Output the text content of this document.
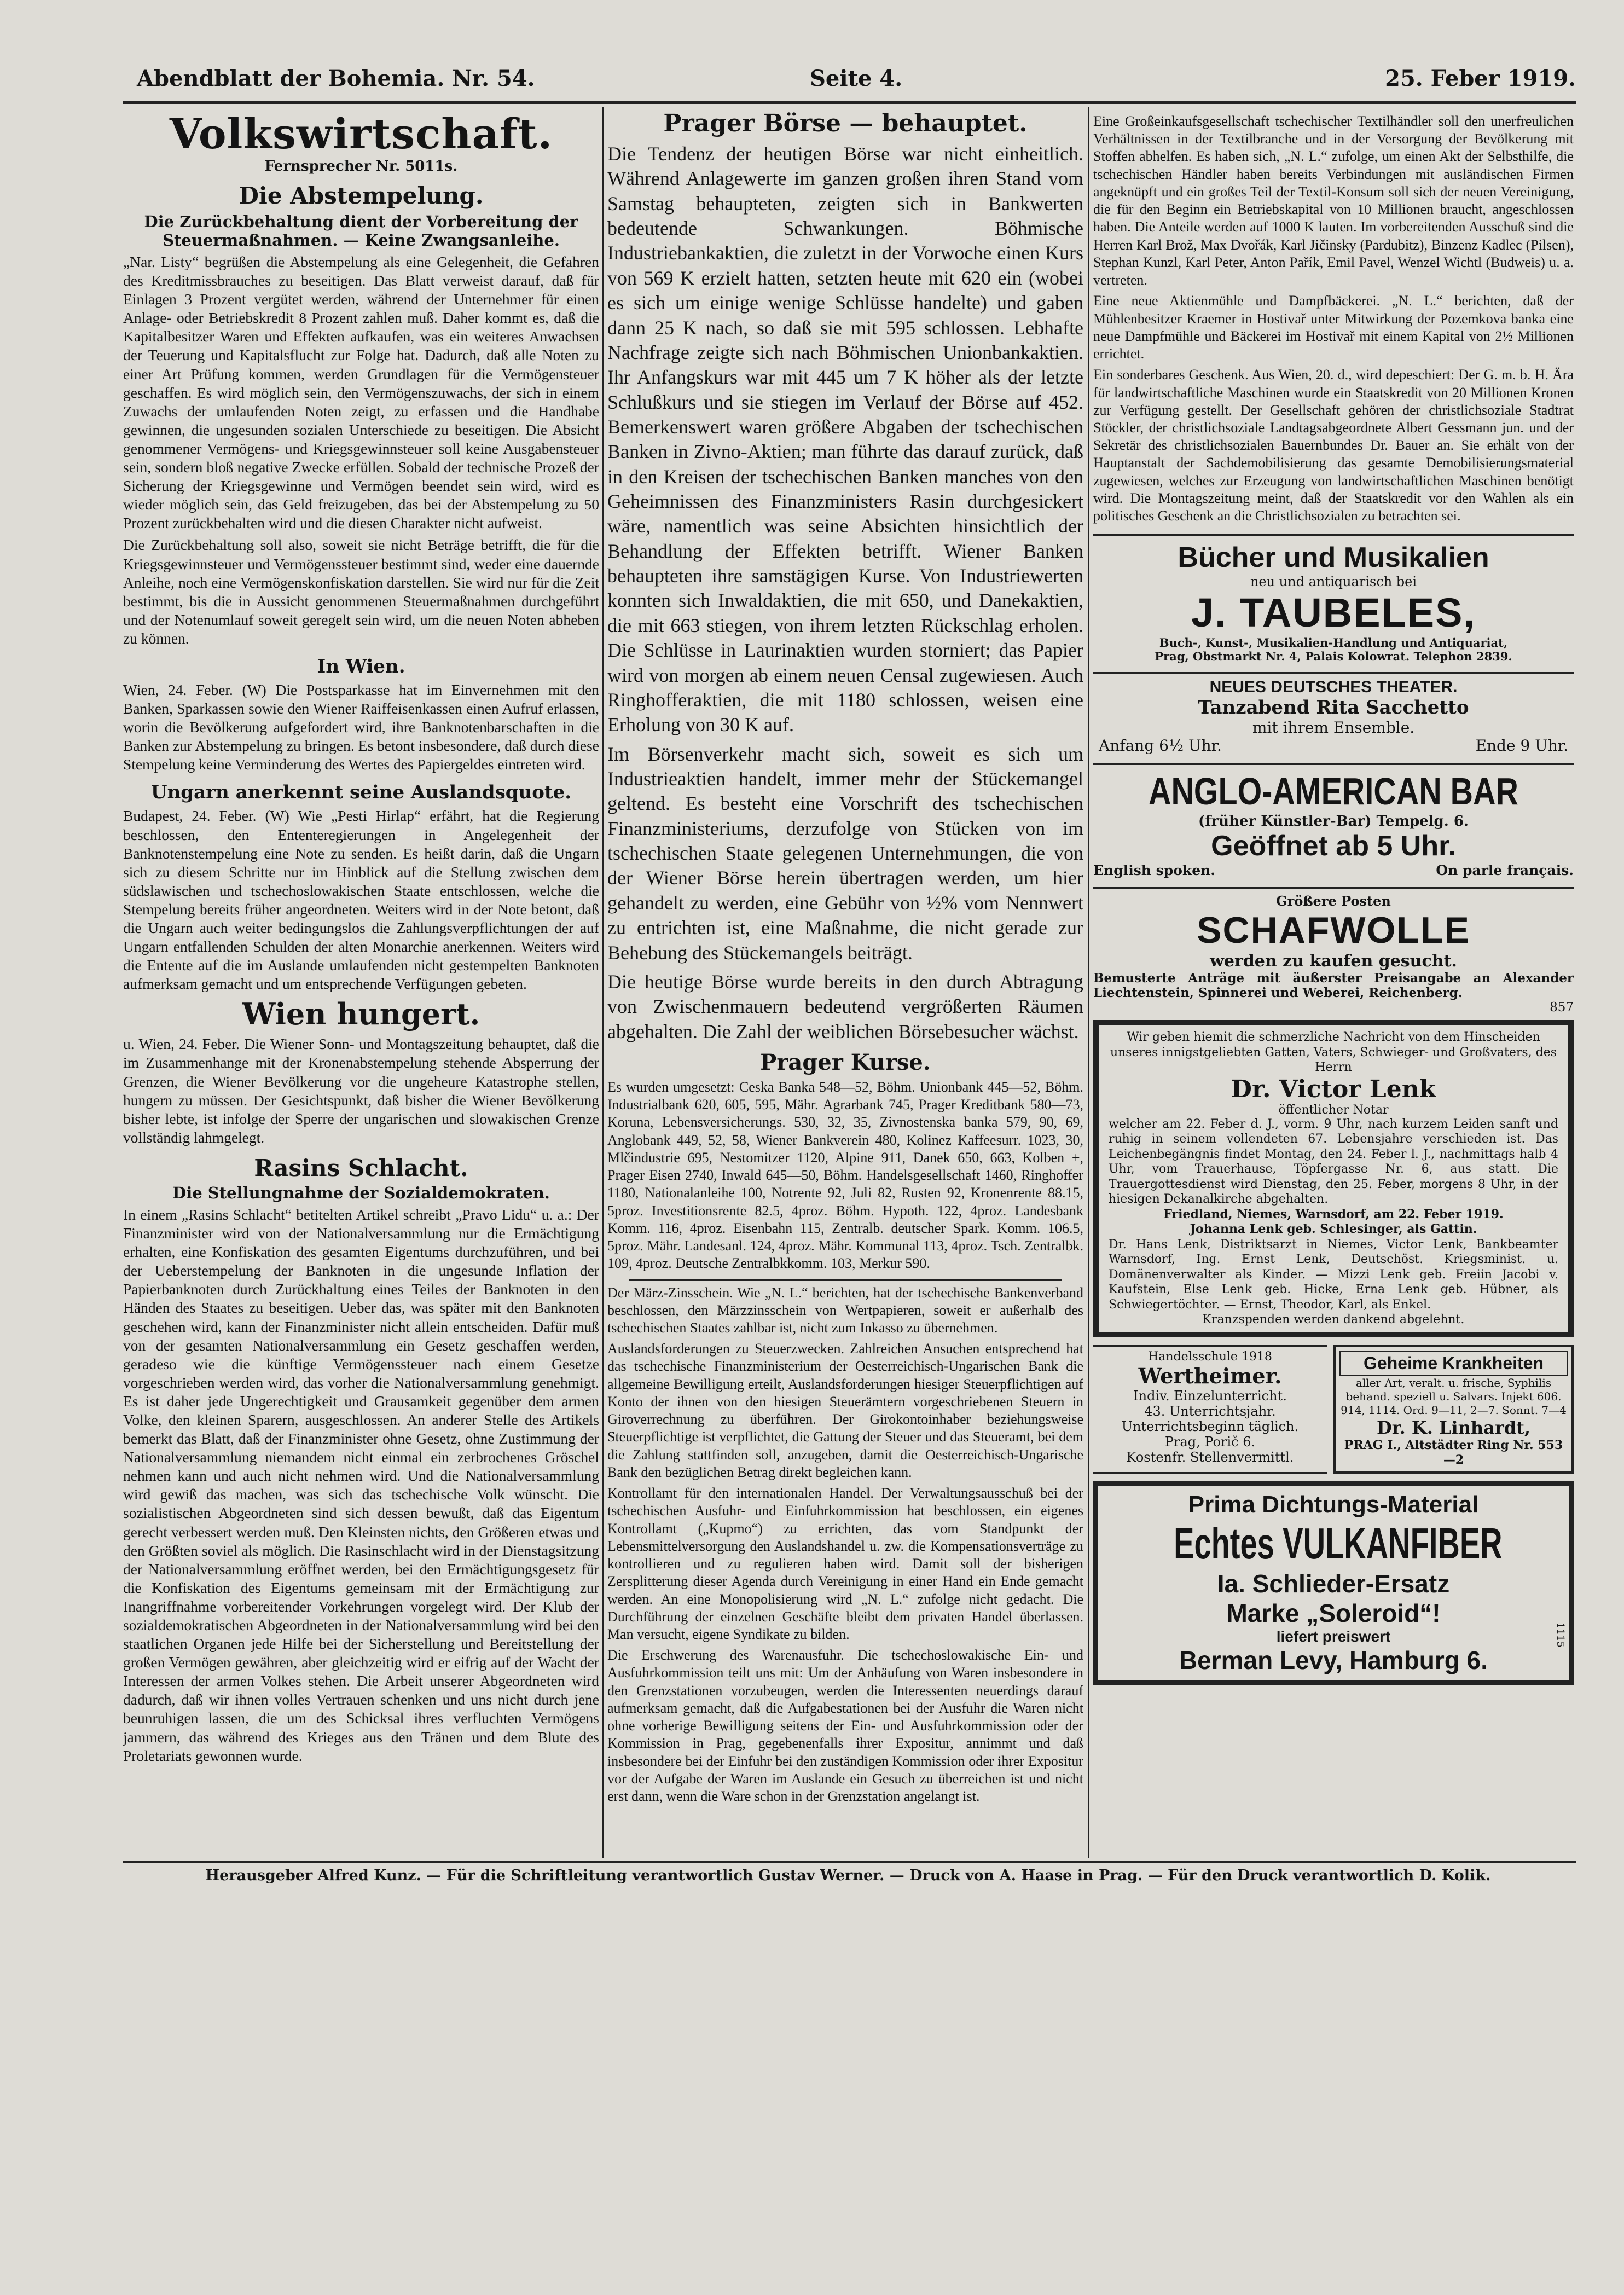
Abendblatt der Bohemia. Nr. 54.	Seite 4.	25. Feber 1919.

Volkswirtschaft.

Fernsprecher Nr. 5011s.

Die Abstempelung.

Die Zurückbehaltung dient der Vorbereitung der Steuermaßnahmen. — Keine Zwangsanleihe.

„Nar. Listy“ begrüßen die Abstempelung als eine Gelegenheit, die Gefahren des Kreditmissbrauches zu beseitigen. Das Blatt verweist darauf, daß für Einlagen 3 Prozent vergütet werden, während der Unternehmer für einen Anlage- oder Betriebskredit 8 Prozent zahlen muß. Daher kommt es, daß die Kapitalbesitzer Waren und Effekten aufkaufen, was ein weiteres Anwachsen der Teuerung und Kapitalsflucht zur Folge hat. Dadurch, daß alle Noten zu einer Art Prüfung kommen, werden Grundlagen für die Vermögensteuer geschaffen. Es wird möglich sein, den Vermögenszuwachs, der sich in einem Zuwachs der umlaufenden Noten zeigt, zu erfassen und die Handhabe gewinnen, die ungesunden sozialen Unterschiede zu beseitigen. Die Absicht genommener Vermögens- und Kriegsgewinnsteuer soll keine Ausgabensteuer sein, sondern bloß negative Zwecke erfüllen. Sobald der technische Prozeß der Sicherung der Kriegsgewinne und Vermögen beendet sein wird, wird es wieder möglich sein, das Geld freizugeben, das bei der Abstempelung zu 50 Prozent zurückbehalten wird und die diesen Charakter nicht aufweist.

Die Zurückbehaltung soll also, soweit sie nicht Beträge betrifft, die für die Kriegsgewinnsteuer und Vermögenssteuer bestimmt sind, weder eine dauernde Anleihe, noch eine Vermögenskonfiskation darstellen. Sie wird nur für die Zeit bestimmt, bis die in Aussicht genommenen Steuermaßnahmen durchgeführt und der Notenumlauf soweit geregelt sein wird, um die neuen Noten abheben zu können.

In Wien.

Wien, 24. Feber. (W) Die Postsparkasse hat im Einvernehmen mit den Banken, Sparkassen sowie den Wiener Raiffeisenkassen einen Aufruf erlassen, worin die Bevölkerung aufgefordert wird, ihre Banknotenbarschaften in die Banken zur Abstempelung zu bringen. Es betont insbesondere, daß durch diese Stempelung keine Verminderung des Wertes des Papiergeldes eintreten wird.

Ungarn anerkennt seine Auslandsquote.

Budapest, 24. Feber. (W) Wie „Pesti Hirlap“ erfährt, hat die Regierung beschlossen, den Ententeregierungen in Angelegenheit der Banknotenstempelung eine Note zu senden. Es heißt darin, daß die Ungarn sich zu diesem Schritte nur im Hinblick auf die Stellung zwischen dem südslawischen und tschechoslowakischen Staate entschlossen, welche die Stempelung bereits früher angeordneten. Weiters wird in der Note betont, daß die Ungarn auch weiter bedingungslos die Zahlungsverpflichtungen der auf Ungarn entfallenden Schulden der alten Monarchie anerkennen. Weiters wird die Entente auf die im Auslande umlaufenden nicht gestempelten Banknoten aufmerksam gemacht und um entsprechende Verfügungen gebeten.

Wien hungert.

u. Wien, 24. Feber. Die Wiener Sonn- und Montagszeitung behauptet, daß die im Zusammenhange mit der Kronenabstempelung stehende Absperrung der Grenzen, die Wiener Bevölkerung vor die ungeheure Katastrophe stellen, hungern zu müssen. Der Gesichtspunkt, daß bisher die Wiener Bevölkerung bisher lebte, ist infolge der Sperre der ungarischen und slowakischen Grenze vollständig lahmgelegt.

Rasins Schlacht.

Die Stellungnahme der Sozialdemokraten.

In einem „Rasins Schlacht“ betitelten Artikel schreibt „Pravo Lidu“ u. a.: Der Finanzminister wird von der Nationalversammlung nur die Ermächtigung erhalten, eine Konfiskation des gesamten Eigentums durchzuführen, und bei der Ueberstempelung der Banknoten in die ungesunde Inflation der Papierbanknoten durch Zurückhaltung eines Teiles der Banknoten in den Händen des Staates zu beseitigen. Ueber das, was später mit den Banknoten geschehen wird, kann der Finanzminister nicht allein entscheiden. Dafür muß von der gesamten Nationalversammlung ein Gesetz geschaffen werden, geradeso wie die künftige Vermögenssteuer nach einem Gesetze vorgeschrieben werden wird, das vorher die Nationalversammlung genehmigt. Es ist daher jede Ungerechtigkeit und Grausamkeit gegenüber dem armen Volke, den kleinen Sparern, ausgeschlossen. An anderer Stelle des Artikels bemerkt das Blatt, daß der Finanzminister ohne Gesetz, ohne Zustimmung der Nationalversammlung niemandem nicht einmal ein zerbrochenes Gröschel nehmen kann und auch nicht nehmen wird. Und die Nationalversammlung wird gewiß das machen, was sich das tschechische Volk wünscht. Die sozialistischen Abgeordneten sind sich dessen bewußt, daß das Eigentum gerecht verbessert werden muß. Den Kleinsten nichts, den Größeren etwas und den Größten soviel als möglich. Die Rasinschlacht wird in der Dienstagsitzung der Nationalversammlung eröffnet werden, bei den Ermächtigungsgesetz für die Konfiskation des Eigentums gemeinsam mit der Ermächtigung zur Inangriffnahme vorbereitender Vorkehrungen vorgelegt wird. Der Klub der sozialdemokratischen Abgeordneten in der Nationalversammlung wird bei den staatlichen Organen jede Hilfe bei der Sicherstellung und Bereitstellung der großen Vermögen gewähren, aber gleichzeitig wird er eifrig auf der Wacht der Interessen der armen Volkes stehen. Die Arbeit unserer Abgeordneten wird dadurch, daß wir ihnen volles Vertrauen schenken und uns nicht durch jene beunruhigen lassen, die um des Schicksal ihres verfluchten Vermögens jammern, das während des Krieges aus den Tränen und dem Blute des Proletariats gewonnen wurde.

Prager Börse — behauptet.

Die Tendenz der heutigen Börse war nicht einheitlich. Während Anlagewerte im ganzen großen ihren Stand vom Samstag behaupteten, zeigten sich in Bankwerten bedeutende Schwankungen. Böhmische Industriebankaktien, die zuletzt in der Vorwoche einen Kurs von 569 K erzielt hatten, setzten heute mit 620 ein (wobei es sich um einige wenige Schlüsse handelte) und gaben dann 25 K nach, so daß sie mit 595 schlossen. Lebhafte Nachfrage zeigte sich nach Böhmischen Unionbankaktien. Ihr Anfangskurs war mit 445 um 7 K höher als der letzte Schlußkurs und sie stiegen im Verlauf der Börse auf 452. Bemerkenswert waren größere Abgaben der tschechischen Banken in Zivno-Aktien; man führte das darauf zurück, daß in den Kreisen der tschechischen Banken manches von den Geheimnissen des Finanzministers Rasin durchgesickert wäre, namentlich was seine Absichten hinsichtlich der Behandlung der Effekten betrifft. Wiener Banken behaupteten ihre samstägigen Kurse. Von Industriewerten konnten sich Inwaldaktien, die mit 650, und Danekaktien, die mit 663 stiegen, von ihrem letzten Rückschlag erholen. Die Schlüsse in Laurinaktien wurden storniert; das Papier wird von morgen ab einem neuen Censal zugewiesen. Auch Ringhofferaktien, die mit 1180 schlossen, weisen eine Erholung von 30 K auf.

Im Börsenverkehr macht sich, soweit es sich um Industrieaktien handelt, immer mehr der Stückemangel geltend. Es besteht eine Vorschrift des tschechischen Finanzministeriums, derzufolge von Stücken von im tschechischen Staate gelegenen Unternehmungen, die von der Wiener Börse herein übertragen werden, um hier gehandelt zu werden, eine Gebühr von ½% vom Nennwert zu entrichten ist, eine Maßnahme, die nicht gerade zur Behebung des Stückemangels beiträgt.

Die heutige Börse wurde bereits in den durch Abtragung von Zwischenmauern bedeutend vergrößerten Räumen abgehalten. Die Zahl der weiblichen Börsebesucher wächst.

Prager Kurse.

Es wurden umgesetzt: Ceska Banka 548—52, Böhm. Unionbank 445—52, Böhm. Industrialbank 620, 605, 595, Mähr. Agrarbank 745, Prager Kreditbank 580—73, Koruna, Lebensversicherungs. 530, 32, 35, Zivnostenska banka 579, 90, 69, Anglobank 449, 52, 58, Wiener Bankverein 480, Kolinez Kaffeesurr. 1023, 30, Mlčindustrie 695, Nestomitzer 1120, Alpine 911, Danek 650, 663, Kolben +, Prager Eisen 2740, Inwald 645—50, Böhm. Handelsgesellschaft 1460, Ringhoffer 1180, Nationalanleihe 100, Notrente 92, Juli 82, Rusten 92, Kronenrente 88.15, 5proz. Investitionsrente 82.5, 4proz. Böhm. Hypoth. 122, 4proz. Landesbank Komm. 116, 4proz. Eisenbahn 115, Zentralb. deutscher Spark. Komm. 106.5, 5proz. Mähr. Landesanl. 124, 4proz. Mähr. Kommunal 113, 4proz. Tsch. Zentralbk. 109, 4proz. Deutsche Zentralbkkomm. 103, Merkur 590.

Der März-Zinsschein. Wie „N. L.“ berichten, hat der tschechische Bankenverband beschlossen, den Märzzinsschein von Wertpapieren, soweit er außerhalb des tschechischen Staates zahlbar ist, nicht zum Inkasso zu übernehmen.

Auslandsforderungen zu Steuerzwecken. Zahlreichen Ansuchen entsprechend hat das tschechische Finanzministerium der Oesterreichisch-Ungarischen Bank die allgemeine Bewilligung erteilt, Auslandsforderungen hiesiger Steuerpflichtigen auf Konto der ihnen von den hiesigen Steuerämtern vorgeschriebenen Steuern in Giroverrechnung zu überführen. Der Girokontoinhaber beziehungsweise Steuerpflichtige ist verpflichtet, die Gattung der Steuer und das Steueramt, bei dem die Zahlung stattfinden soll, anzugeben, damit die Oesterreichisch-Ungarische Bank den bezüglichen Betrag direkt begleichen kann.

Kontrollamt für den internationalen Handel. Der Verwaltungsausschuß bei der tschechischen Ausfuhr- und Einfuhrkommission hat beschlossen, ein eigenes Kontrollamt („Kupmo“) zu errichten, das vom Standpunkt der Lebensmittelversorgung den Auslandshandel u. zw. die Kompensationsverträge zu kontrollieren und zu regulieren haben wird. Damit soll der bisherigen Zersplitterung dieser Agenda durch Vereinigung in einer Hand ein Ende gemacht werden. An eine Monopolisierung wird „N. L.“ zufolge nicht gedacht. Die Durchführung der einzelnen Geschäfte bleibt dem privaten Handel überlassen. Man versucht, eigene Syndikate zu bilden.

Die Erschwerung des Warenausfuhr. Die tschechoslowakische Ein- und Ausfuhrkommission teilt uns mit: Um der Anhäufung von Waren insbesondere in den Grenzstationen vorzubeugen, werden die Interessenten neuerdings darauf aufmerksam gemacht, daß die Aufgabestationen bei der Ausfuhr die Waren nicht ohne vorherige Bewilligung seitens der Ein- und Ausfuhrkommission oder der Kommission in Prag, gegebenenfalls ihrer Expositur, annimmt und daß insbesondere bei der Einfuhr bei den zuständigen Kommission oder ihrer Expositur vor der Aufgabe der Waren im Auslande ein Gesuch zu überreichen ist und nicht erst dann, wenn die Ware schon in der Grenzstation angelangt ist.

Eine Großeinkaufsgesellschaft tschechischer Textilhändler soll den unerfreulichen Verhältnissen in der Textilbranche und in der Versorgung der Bevölkerung mit Stoffen abhelfen. Es haben sich, „N. L.“ zufolge, um einen Akt der Selbsthilfe, die tschechischen Händler haben bereits Verbindungen mit ausländischen Firmen angeknüpft und ein großes Teil der Textil-Konsum soll sich der neuen Vereinigung, die für den Beginn ein Betriebskapital von 10 Millionen braucht, angeschlossen haben. Die Anteile werden auf 1000 K lauten. Im vorbereitenden Ausschuß sind die Herren Karl Brož, Max Dvořák, Karl Jičinsky (Pardubitz), Binzenz Kadlec (Pilsen), Stephan Kunzl, Karl Peter, Anton Pařík, Emil Pavel, Wenzel Wichtl (Budweis) u. a. vertreten.

Eine neue Aktienmühle und Dampfbäckerei. „N. L.“ berichten, daß der Mühlenbesitzer Kraemer in Hostivař unter Mitwirkung der Pozemkova banka eine neue Dampfmühle und Bäckerei im Hostivař mit einem Kapital von 2½ Millionen errichtet.

Ein sonderbares Geschenk. Aus Wien, 20. d., wird depeschiert: Der G. m. b. H. Ära für landwirtschaftliche Maschinen wurde ein Staatskredit von 20 Millionen Kronen zur Verfügung gestellt. Der Gesellschaft gehören der christlichsoziale Stadtrat Stöckler, der christlichsoziale Landtagsabgeordnete Albert Gessmann jun. und der Sekretär des christlichsozialen Bauernbundes Dr. Bauer an. Sie erhält von der Hauptanstalt der Sachdemobilisierung das gesamte Demobilisierungsmaterial zugewiesen, welches zur Erzeugung von landwirtschaftlichen Maschinen benötigt wird. Die Montagszeitung meint, daß der Staatskredit vor den Wahlen als ein politisches Geschenk an die Christlichsozialen zu betrachten sei.

Bücher und Musikalien
neu und antiquarisch bei
J. TAUBELES,
Buch-, Kunst-, Musikalien-Handlung und Antiquariat,
Prag, Obstmarkt Nr. 4, Palais Kolowrat. Telephon 2839.
NEUES DEUTSCHES THEATER.
Tanzabend Rita Sacchetto
mit ihrem Ensemble.
Anfang 6½ Uhr.	Ende 9 Uhr.
ANGLO-AMERICAN BAR
(früher Künstler-Bar) Tempelg. 6.
Geöffnet ab 5 Uhr.
English spoken.	On parle français.
Größere Posten
SCHAFWOLLE
werden zu kaufen gesucht.
Bemusterte Anträge mit äußerster Preisangabe an Alexander Liechtenstein, Spinnerei und Weberei, Reichenberg.
857
Wir geben hiemit die schmerzliche Nachricht von dem Hinscheiden unseres innigstgeliebten Gatten, Vaters, Schwieger- und Großvaters, des Herrn
Dr. Victor Lenk
öffentlicher Notar
welcher am 22. Feber d. J., vorm. 9 Uhr, nach kurzem Leiden sanft und ruhig in seinem vollendeten 67. Lebensjahre verschieden ist. Das Leichenbegängnis findet Montag, den 24. Feber l. J., nachmittags halb 4 Uhr, vom Trauerhause, Töpfergasse Nr. 6, aus statt. Die Trauergottesdienst wird Dienstag, den 25. Feber, morgens 8 Uhr, in der hiesigen Dekanalkirche abgehalten.
Friedland, Niemes, Warnsdorf, am 22. Feber 1919.
Johanna Lenk geb. Schlesinger, als Gattin.
Dr. Hans Lenk, Distriktsarzt in Niemes, Victor Lenk, Bankbeamter Warnsdorf, Ing. Ernst Lenk, Deutschöst. Kriegsminist. u. Domänenverwalter als Kinder. — Mizzi Lenk geb. Freiin Jacobi v. Kaufstein, Else Lenk geb. Hicke, Erna Lenk geb. Hübner, als Schwiegertöchter. — Ernst, Theodor, Karl, als Enkel.
Kranzspenden werden dankend abgelehnt.
Handelsschule 1918
Wertheimer.
Indiv. Einzelunterricht.
43. Unterrichtsjahr.
Unterrichtsbeginn täglich.
Prag, Porič 6.
Kostenfr. Stellenvermittl.
Geheime Krankheiten
aller Art, veralt. u. frische, Syphilis behand. speziell u. Salvars. Injekt 606. 914, 1114. Ord. 9—11, 2—7. Sonnt. 7—4
Dr. K. Linhardt,
PRAG I., Altstädter Ring Nr. 553—2
Prima Dichtungs-Material
Echtes VULKANFIBER
Ia. Schlieder-Ersatz
Marke „Soleroid“!
liefert preiswert
Berman Levy, Hamburg 6.
1115
Herausgeber Alfred Kunz. — Für die Schriftleitung verantwortlich Gustav Werner. — Druck von A. Haase in Prag. — Für den Druck verantwortlich D. Kolik.
